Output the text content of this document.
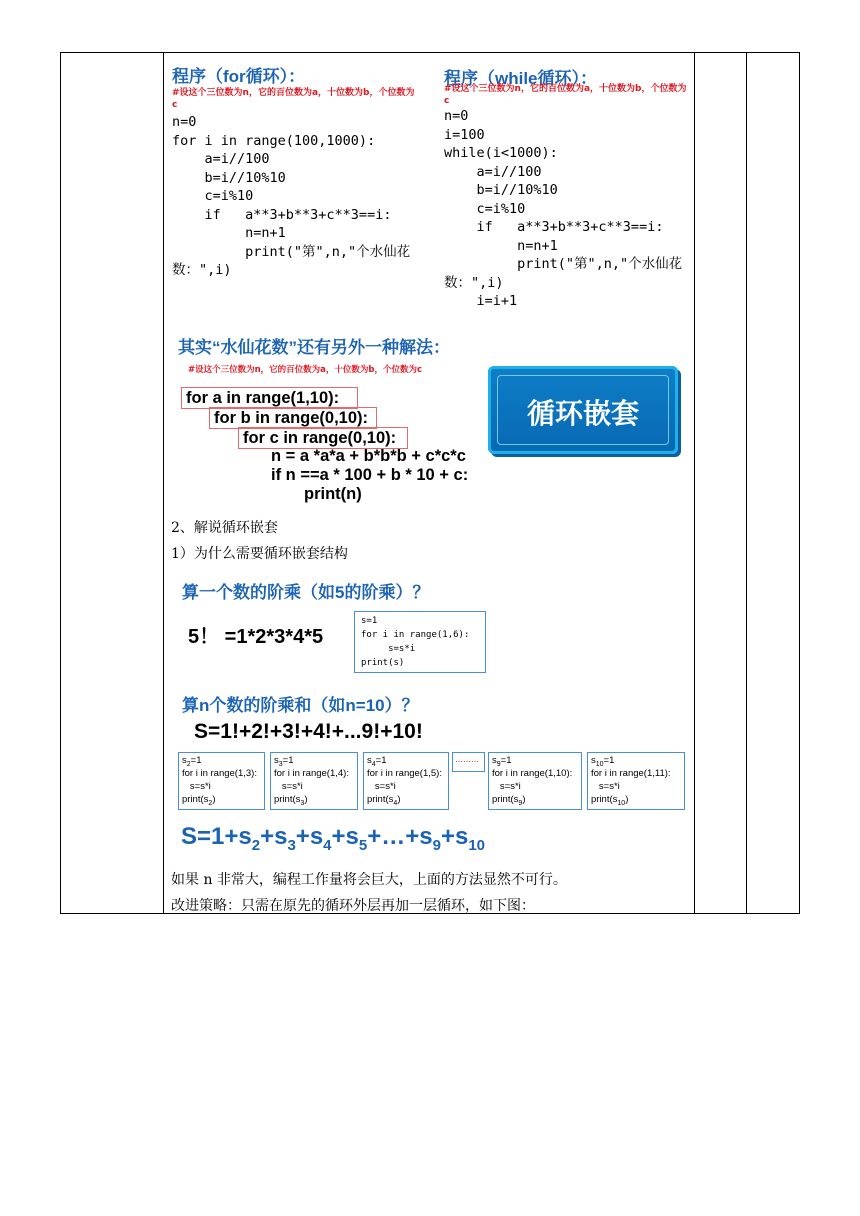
程序（for循环）：
#设这个三位数为n，它的百位数为a，十位数为b，个位数为c
n=0
for i in range(100,1000):
a=i//100
b=i//10%10
c=i%10
if   a**3+b**3+c**3==i:
n=n+1
print("第",n,"个水仙花
数：",i)
程序（while循环）：
#设这个三位数为n，它的百位数为a，十位数为b，个位数为c
n=0
i=100
while(i<1000):
a=i//100
b=i//10%10
c=i%10
if   a**3+b**3+c**3==i:
n=n+1
print("第",n,"个水仙花
数：",i)
i=i+1
其实“水仙花数”还有另外一种解法：
#设这个三位数为n，它的百位数为a，十位数为b，个位数为c
for a in range(1,10):
for b in range(0,10):
for c in range(0,10):
n = a *a*a + b*b*b + c*c*c
if n ==a * 100 + b * 10 + c:
print(n)
循环嵌套
2、解说循环嵌套
1）为什么需要循环嵌套结构
算一个数的阶乘（如5的阶乘）？
5！ =1*2*3*4*5
s=1
for i in range(1,6):
s=s*i
print(s)
算n个数的阶乘和（如n=10）？
S=1!+2!+3!+4!+...9!+10!
$s_2=1$
for i in range(1,3):
s=s*i
$print(s_2)$
$s_3=1$
for i in range(1,4):
s=s*i
$print(s_3)$
$s_4=1$
for i in range(1,5):
s=s*i
$print(s_4)$
$s_9=1$
for i in range(1,10):
s=s*i
$print(s_9)$
$s_{10}=1$
for i in range(1,11):
s=s*i
$print(s_{10})$
………
$S=1+s_2+s_3+s_4+s_5+\dots+s_9+s_{10}$
如果 n 非常大，编程工作量将会巨大，上面的方法显然不可行。
改进策略：只需在原先的循环外层再加一层循环，如下图：
